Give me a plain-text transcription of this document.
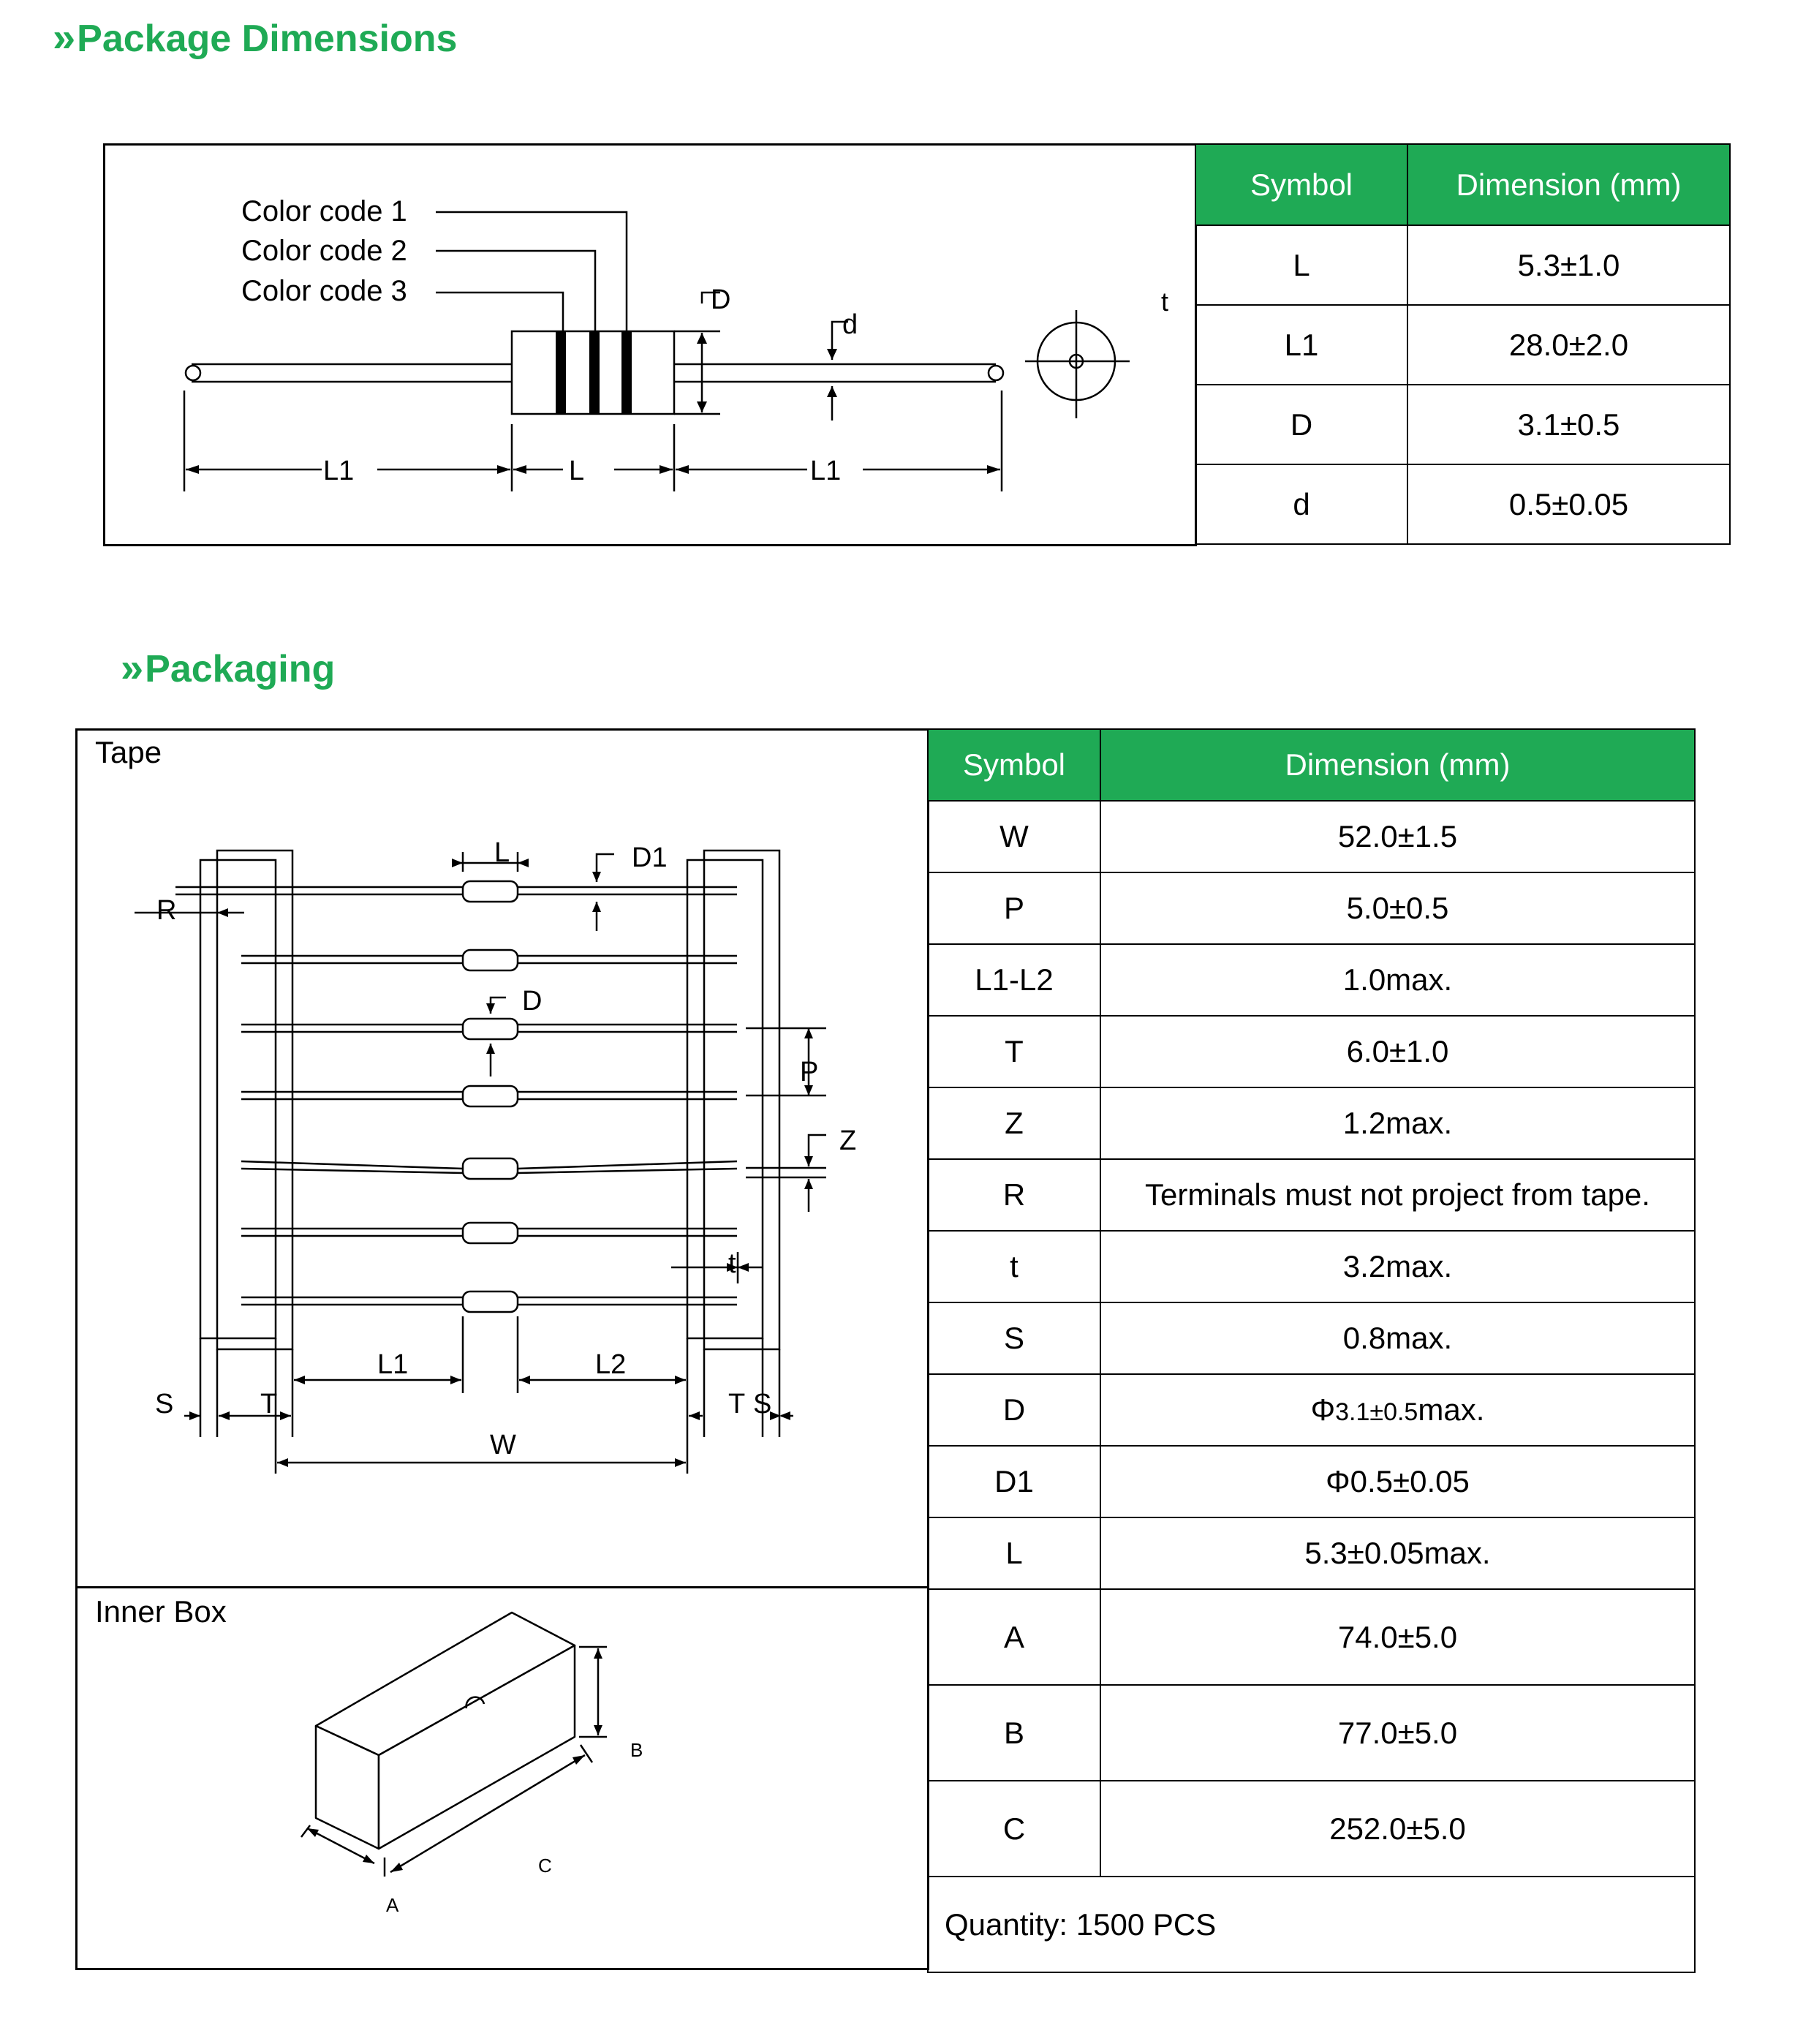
» Package Dimensions
Color code 1
Color code 2
Color code 3	D
d
t
L1	L	L1
Symbol	Dimension (mm)
L	5.3±1.0
L1	28.0±2.0
D	3.1±0.5
d	0.5±0.05
» Packaging
Tape
Inner Box
L	D1
R
D
P
Z
t
L1	L2
S	T	T S
W
B
C
A
Symbol	Dimension (mm)
W	52.0±1.5
P	5.0±0.5
L1-L2	1.0max.
T	6.0±1.0
Z	1.2max.
R	Terminals must not project from tape.
t	3.2max.
S	0.8max.
D	Φ3.1±0.5max.
D1	Φ0.5±0.05
L	5.3±0.05max.
A	74.0±5.0
B	77.0±5.0
C	252.0±5.0
Quantity: 1500 PCS	
